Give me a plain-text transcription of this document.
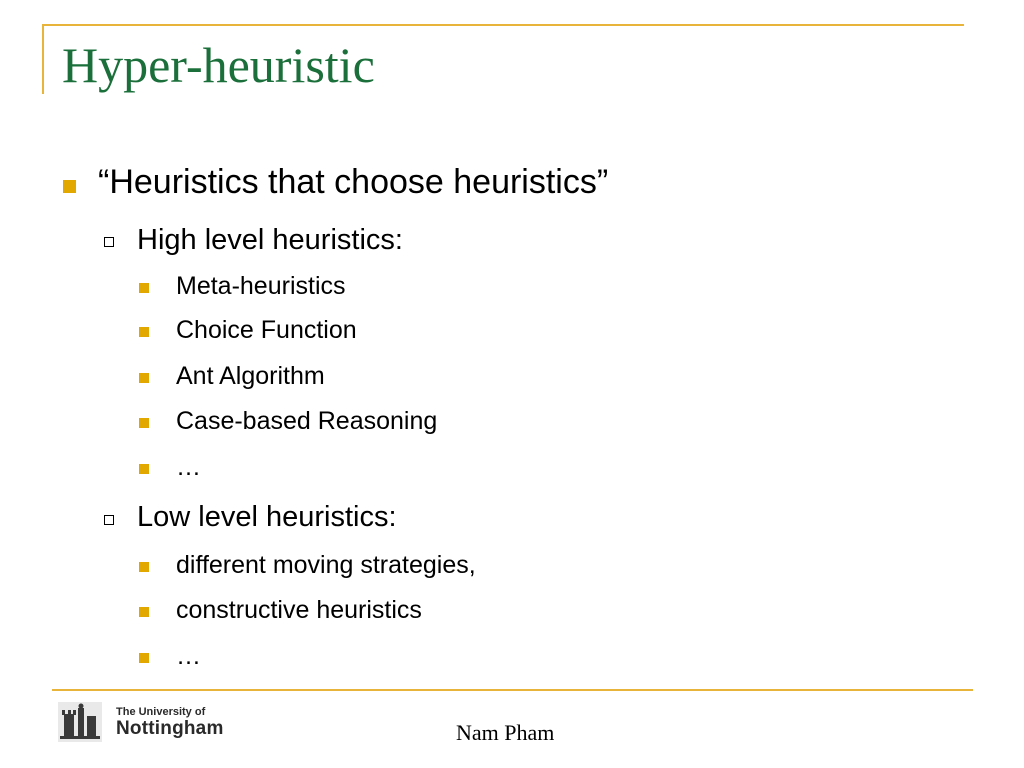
Hyper-heuristic
“Heuristics that choose heuristics”
High level heuristics:
Meta-heuristics
Choice Function
Ant Algorithm
Case-based Reasoning
…
Low level heuristics:
different moving strategies,
constructive heuristics
…
The University of
Nottingham	Nam Pham
